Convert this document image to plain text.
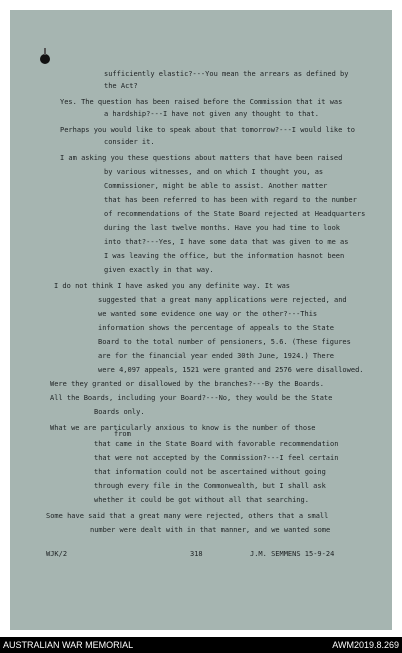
sufficiently elastic?---You mean the arrears as defined by
the Act?
Yes. The question has been raised before the Commission that it was
a hardship?---I have not given any thought to that.
Perhaps you would like to speak about that tomorrow?---I would like to
consider it.
I am asking you these questions about matters that have been raised
by various witnesses, and on which I thought you, as
Commissioner, might be able to assist. Another matter
that has been referred to has been with regard to the number
of recommendations of the State Board rejected at Headquarters
during the last twelve months. Have you had time to look
into that?---Yes, I have some data that was given to me as
I was leaving the office, but the information hasnot been
given exactly in that way.
I do not think I have asked you any definite way. It was
suggested that a great many applications were rejected, and
we wanted some evidence one way or the other?---This
information shows the percentage of appeals to the State
Board to the total number of pensioners, 5.6. (These figures
are for the financial year ended 30th June, 1924.) There
were 4,097 appeals, 1521 were granted and 2576 were disallowed.
Were they granted or disallowed by the branches?---By the Boards.
All the Boards, including your Board?---No, they would be the State
Boards only.
What we are particularly anxious to know is the number of those
from
that came in the State Board with favorable recommendation
that were not accepted by the Commission?---I feel certain
that information could not be ascertained without going
through every file in the Commonwealth, but I shall ask
whether it could be got without all that searching.
Some have said that a great many were rejected, others that a small
number were dealt with in that manner, and we wanted some
WJK/2	318	J.M. SEMMENS 15-9-24
AUSTRALIAN WAR MEMORIAL	AWM2019.8.269
